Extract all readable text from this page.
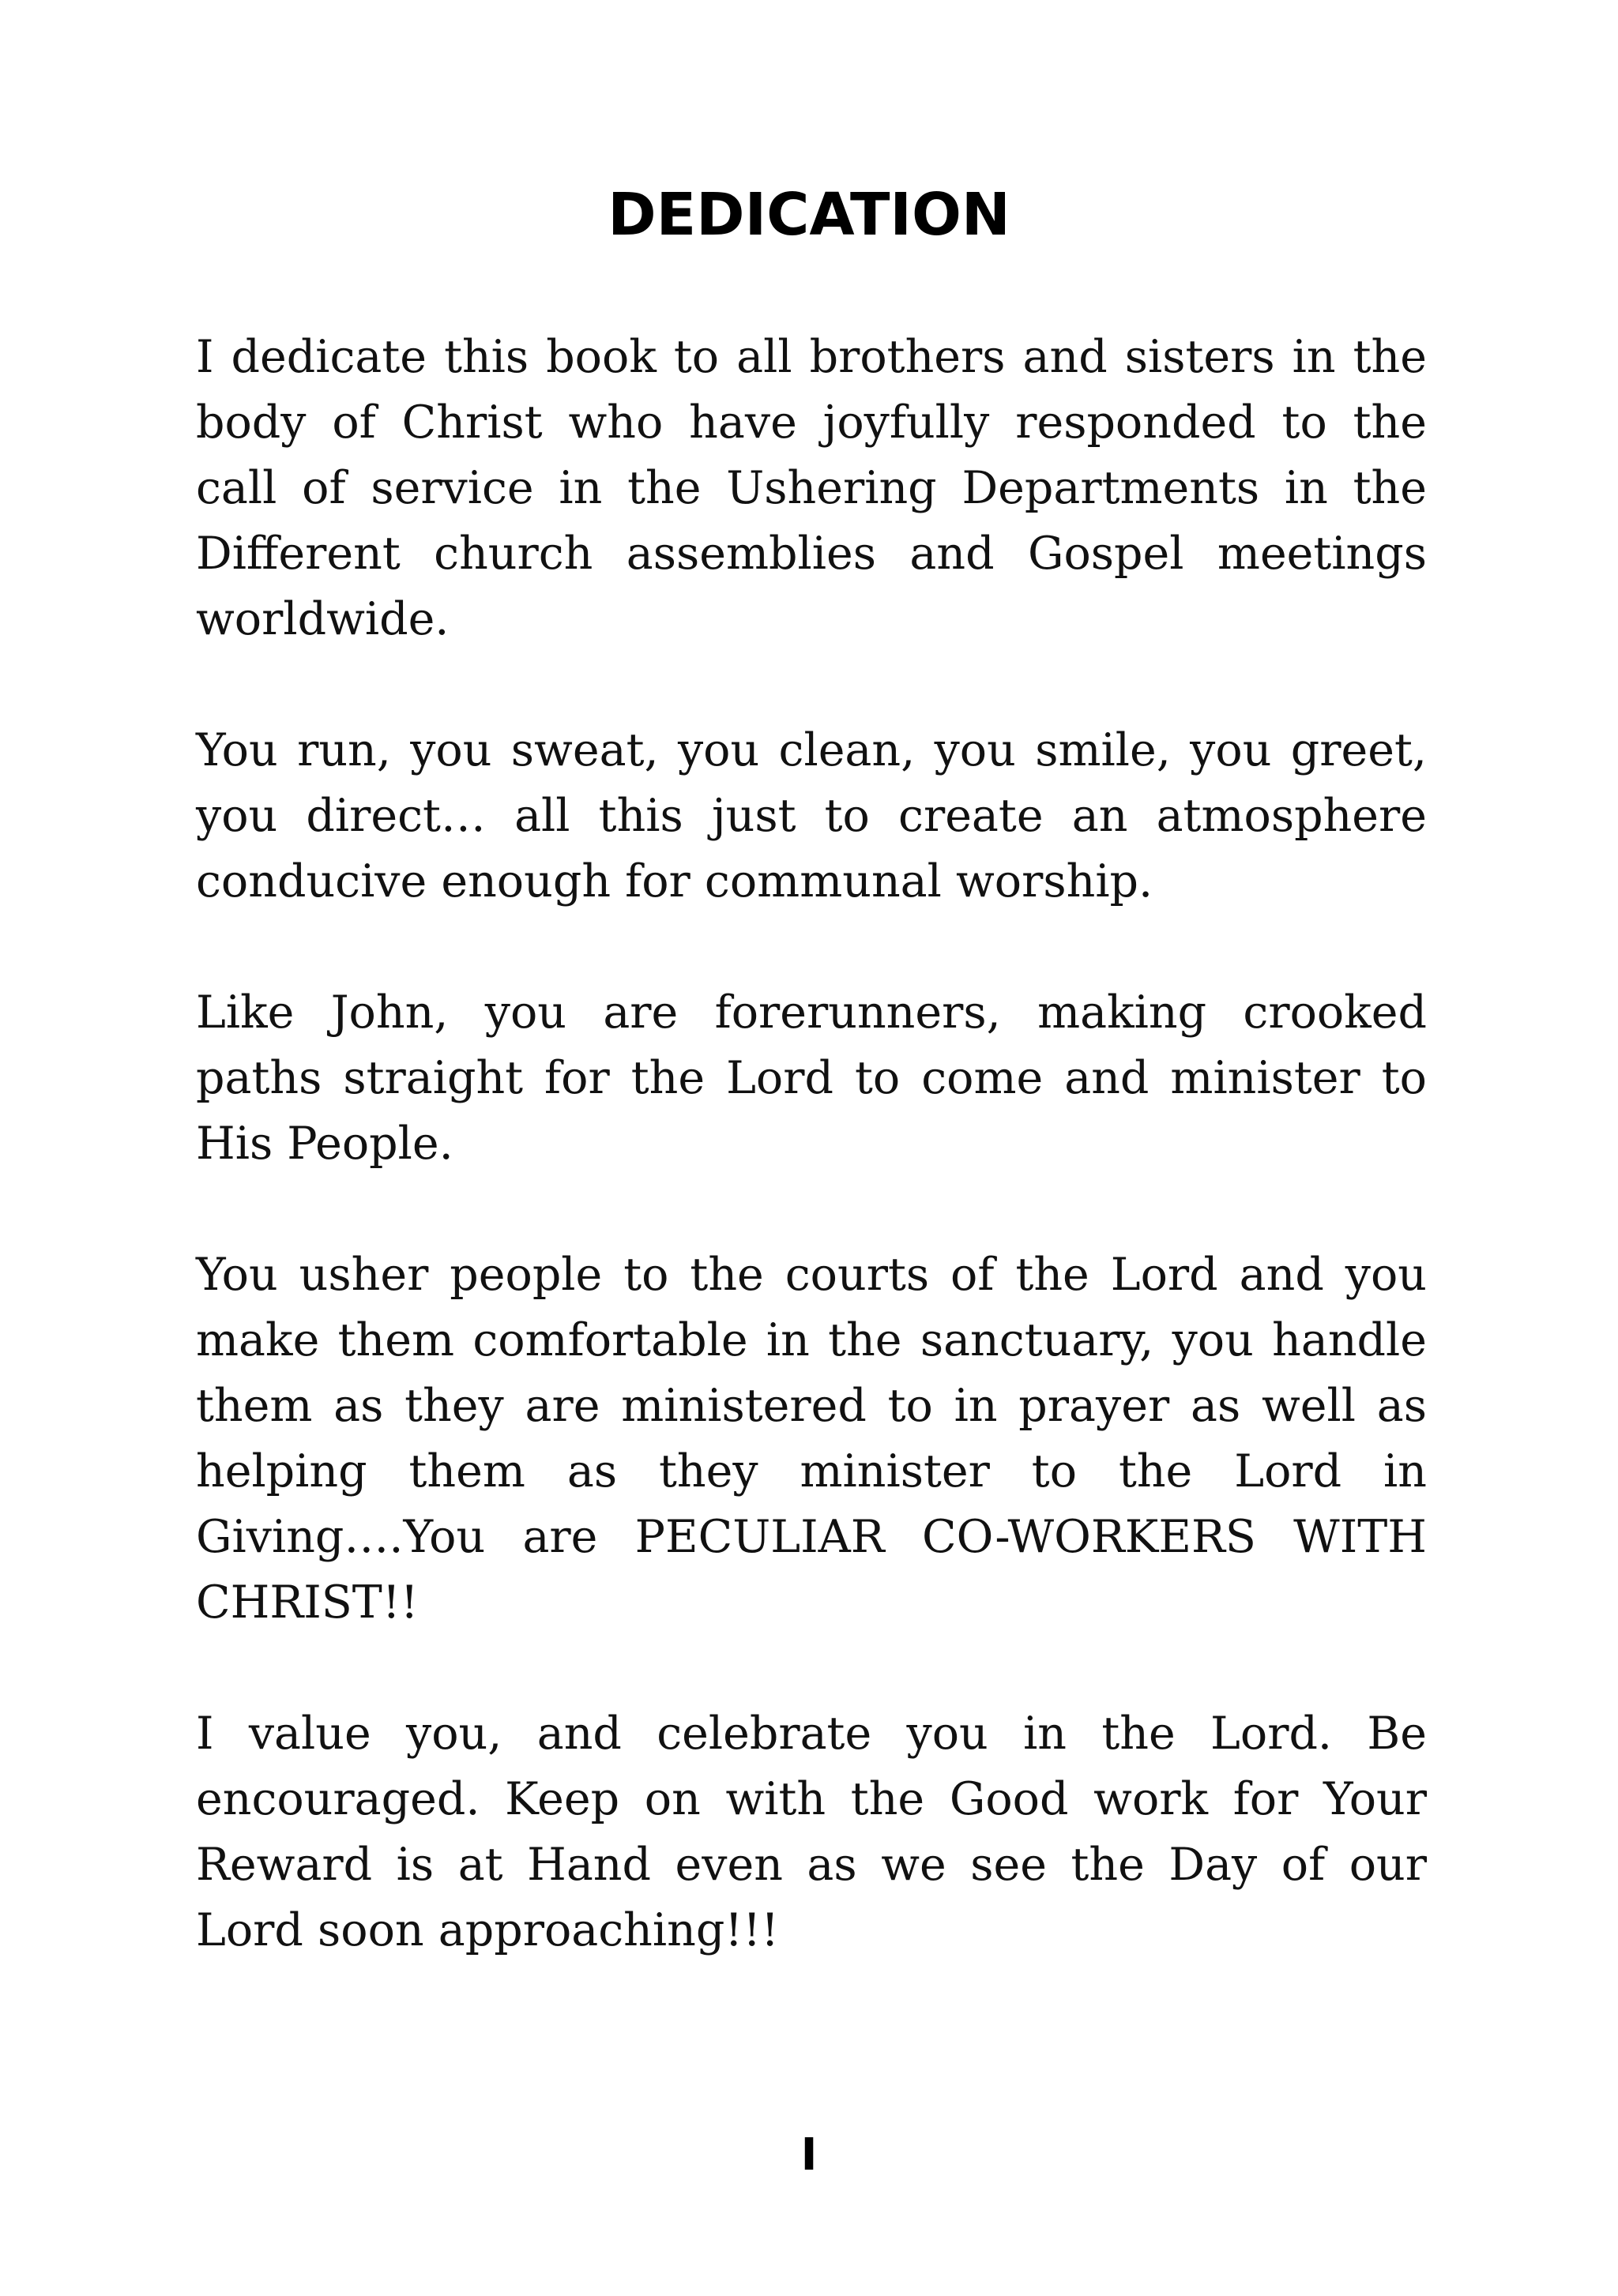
DEDICATION

I dedicate this book to all brothers and sisters in the body of Christ who have joyfully responded to the call of service in the Ushering Departments in the Different church assemblies and Gospel meetings worldwide.

You run, you sweat, you clean, you smile, you greet, you direct… all this just to create an atmosphere conducive enough for communal worship.

Like John, you are forerunners, making crooked paths straight for the Lord to come and minister to His People.

You usher people to the courts of the Lord and you make them comfortable in the sanctuary, you handle them as they are ministered to in prayer as well as helping them as they minister to the Lord in Giving….You are PECULIAR CO-WORKERS WITH CHRIST!!

I value you, and celebrate you in the Lord. Be encouraged. Keep on with the Good work for Your Reward is at Hand even as we see the Day of our Lord soon approaching!!!

I
